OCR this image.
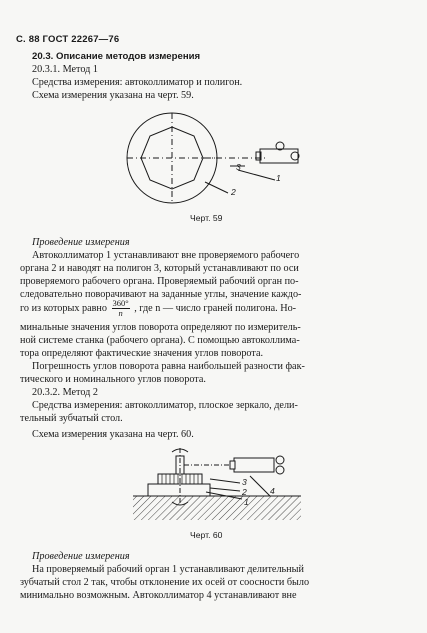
С. 88 ГОСТ 22267—76
20.3. Описание методов измерения
20.3.1. Метод 1
Средства измерения: автоколлиматор и полигон.
Схема измерения указана на черт. 59.
3
1
2
Черт. 59
Проведение измерения
Автоколлиматор 1 устанавливают вне проверяемого рабочего
органа 2 и наводят на полигон 3, который устанавливают по оси
проверяемого рабочего органа. Проверяемый рабочий орган по-
следовательно поворачивают на заданные углы, значение каждо-
го из которых равно $\frac{360^\circ}{n}$ , где n — число граней полигона. Но-
минальные значения углов поворота определяют по измеритель-
ной системе станка (рабочего органа). С помощью автоколлима-
тора определяют фактические значения углов поворота.
Погрешность углов поворота равна наибольшей разности фак-
тического и номинального углов поворота.
20.3.2. Метод 2
Средства измерения: автоколлиматор, плоское зеркало, дели-
тельный зубчатый стол.
Схема измерения указана на черт. 60.
3
2
1
4
Черт. 60
Проведение измерения
На проверяемый рабочий орган 1 устанавливают делительный
зубчатый стол 2 так, чтобы отклонение их осей от соосности было
минимально возможным. Автоколлиматор 4 устанавливают вне
